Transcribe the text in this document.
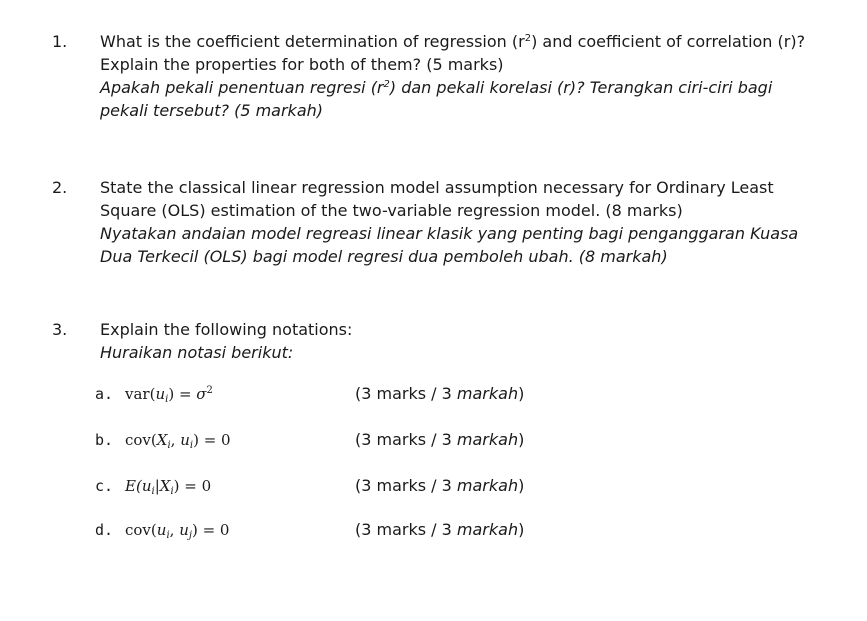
1. What is the coefficient determination of regression $(r^2)$ and coefficient of correlation (r)?
Explain the properties for both of them? (5 marks)
Apakah pekali penentuan regresi $(r^2)$ dan pekali korelasi (r)? Terangkan ciri-ciri bagi
pekali tersebut? (5 markah)
2. State the classical linear regression model assumption necessary for Ordinary Least
Square (OLS) estimation of the two-variable regression model. (8 marks)
Nyatakan andaian model regreasi linear klasik yang penting bagi penganggaran Kuasa
Dua Terkecil (OLS) bagi model regresi dua pemboleh ubah. (8 markah)
3. Explain the following notations:
Huraikan notasi berikut:
a. $var(u_i) = \sigma^2$	(3 marks / 3 markah)
b. $cov(X_i$, $u_i) = 0$	(3 marks / 3 markah)
c. $E(u_i|X_i) = 0$	(3 marks / 3 markah)
d. $cov(u_i$, $u_j) = 0$	(3 marks / 3 markah)
